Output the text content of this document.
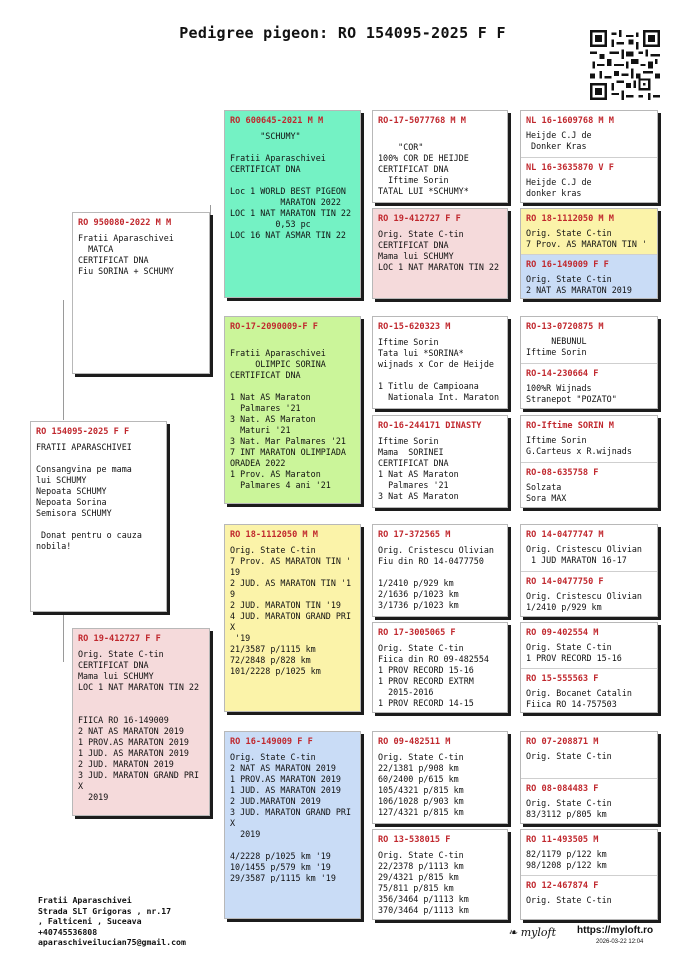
Pedigree pigeon: RO 154095-2025 F F
RO 154095-2025 F F
FRATII APARASCHIVEI

Consangvina pe mama
lui SCHUMY
Nepoata SCHUMY
Nepoata Sorina
Semisora SCHUMY

Donat pentru o cauza
nobila!
RO 950080-2022 M M
Fratii Aparaschivei
MATCA
CERTIFICAT DNA
Fiu SORINA + SCHUMY
RO 19-412727 F F
Orig. State C-tin
CERTIFICAT DNA
Mama lui SCHUMY
LOC 1 NAT MARATON TIN 22

FIICA RO 16-149009
2 NAT AS MARATON 2019
1 PROV.AS MARATON 2019
1 JUD. AS MARATON 2019
2 JUD. MARATON 2019
3 JUD. MARATON GRAND PRI
X
2019
RO 600645-2021 M M
"SCHUMY"

Fratii Aparaschivei
CERTIFICAT DNA

Loc 1 WORLD BEST PIGEON
MARATON 2022
LOC 1 NAT MARATON TIN 22
0,53 pc
LOC 16 NAT ASMAR TIN 22
RO-17-2090009-F F

Fratii Aparaschivei
OLIMPIC SORINA
CERTIFICAT DNA

1 Nat AS Maraton
Palmares '21
3 Nat. AS Maraton
Maturi '21
3 Nat. Mar Palmares '21
7 INT MARATON OLIMPIADA
ORADEA 2022
1 Prov. AS Maraton
Palmares 4 ani '21
RO 18-1112050 M M
Orig. State C-tin
7 Prov. AS MARATON TIN '
19
2 JUD. AS MARATON TIN '1
9
2 JUD. MARATON TIN '19
4 JUD. MARATON GRAND PRI
X
'19
21/3587 p/1115 km
72/2848 p/828 km
101/2228 p/1025 km
RO 16-149009 F F
Orig. State C-tin
2 NAT AS MARATON 2019
1 PROV.AS MARATON 2019
1 JUD. AS MARATON 2019
2 JUD.MARATON 2019
3 JUD. MARATON GRAND PRI
X
2019

4/2228 p/1025 km '19
10/1455 p/579 km '19
29/3587 p/1115 km '19
RO-17-5077768 M M

"COR"
100% COR DE HEIJDE
CERTIFICAT DNA
Iftime Sorin
TATAL LUI *SCHUMY*
RO 19-412727 F F
Orig. State C-tin
CERTIFICAT DNA
Mama lui SCHUMY
LOC 1 NAT MARATON TIN 22
RO-15-620323 M
Iftime Sorin
Tata lui *SORINA*
wijnads x Cor de Heijde

1 Titlu de Campioana
Nationala Int. Maraton
RO-16-244171 DINASTY
Iftime Sorin
Mama  SORINEI
CERTIFICAT DNA
1 Nat AS Maraton
Palmares '21
3 Nat AS Maraton
RO 17-372565 M
Orig. Cristescu Olivian
Fiu din RO 14-0477750

1/2410 p/929 km
2/1636 p/1023 km
3/1736 p/1023 km
RO 17-3005065 F
Orig. State C-tin
Fiica din RO 09-482554
1 PROV RECORD 15-16
1 PROV RECORD EXTRM
2015-2016
1 PROV RECORD 14-15
RO 09-482511 M
Orig. State C-tin
22/1381 p/908 km
60/2400 p/615 km
105/4321 p/815 km
106/1028 p/903 km
127/4321 p/815 km
RO 13-538015 F
Orig. State C-tin
22/2378 p/1113 km
29/4321 p/815 km
75/811 p/815 km
356/3464 p/1113 km
370/3464 p/1113 km
NL 16-1609768 M M
Heijde C.J de
Donker Kras
NL 16-3635870 V F
Heijde C.J de
donker kras
RO 18-1112050 M M
Orig. State C-tin
7 Prov. AS MARATON TIN '
RO 16-149009 F F
Orig. State C-tin
2 NAT AS MARATON 2019
RO-13-0720875 M
NEBUNUL
Iftime Sorin
RO-14-230664 F
100%R Wijnads
Stranepot "POZATO"
RO-Iftime SORIN M
Iftime Sorin
G.Carteus x R.wijnads
RO-08-635758 F
Solzata
Sora MAX
RO 14-0477747 M
Orig. Cristescu Olivian
1 JUD MARATON 16-17
RO 14-0477750 F
Orig. Cristescu Olivian
1/2410 p/929 km
RO 09-402554 M
Orig. State C-tin
1 PROV RECORD 15-16
RO 15-555563 F
Orig. Bocanet Catalin
Fiica RO 14-757503
RO 07-208871 M
Orig. State C-tin
RO 08-084483 F
Orig. State C-tin
83/3112 p/805 km
RO 11-493505 M
82/1179 p/122 km
98/1208 p/122 km
RO 12-467874 F
Orig. State C-tin
Fratii Aparaschivei
Strada SLT Grigoras , nr.17
, Falticeni , Suceava
+40745536808
aparaschiveilucian75@gmail.com
❧ myloft https://myloft.ro
2026-03-22 12:04
